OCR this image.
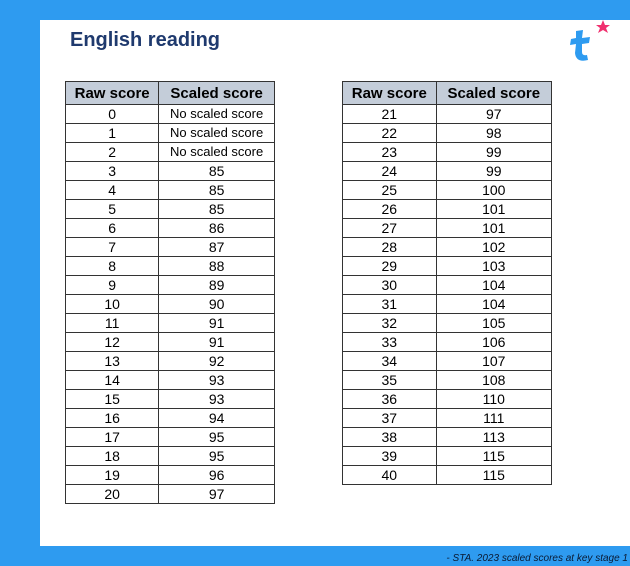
English reading
Raw score	Scaled score
0	No scaled score
1	No scaled score
2	No scaled score
3	85
4	85
5	85
6	86
7	87
8	88
9	89
10	90
11	91
12	91
13	92
14	93
15	93
16	94
17	95
18	95
19	96
20	97
Raw score	Scaled score
21	97
22	98
23	99
24	99
25	100
26	101
27	101
28	102
29	103
30	104
31	104
32	105
33	106
34	107
35	108
36	110
37	111
38	113
39	115
40	115
- STA. 2023 scaled scores at key stage 1
